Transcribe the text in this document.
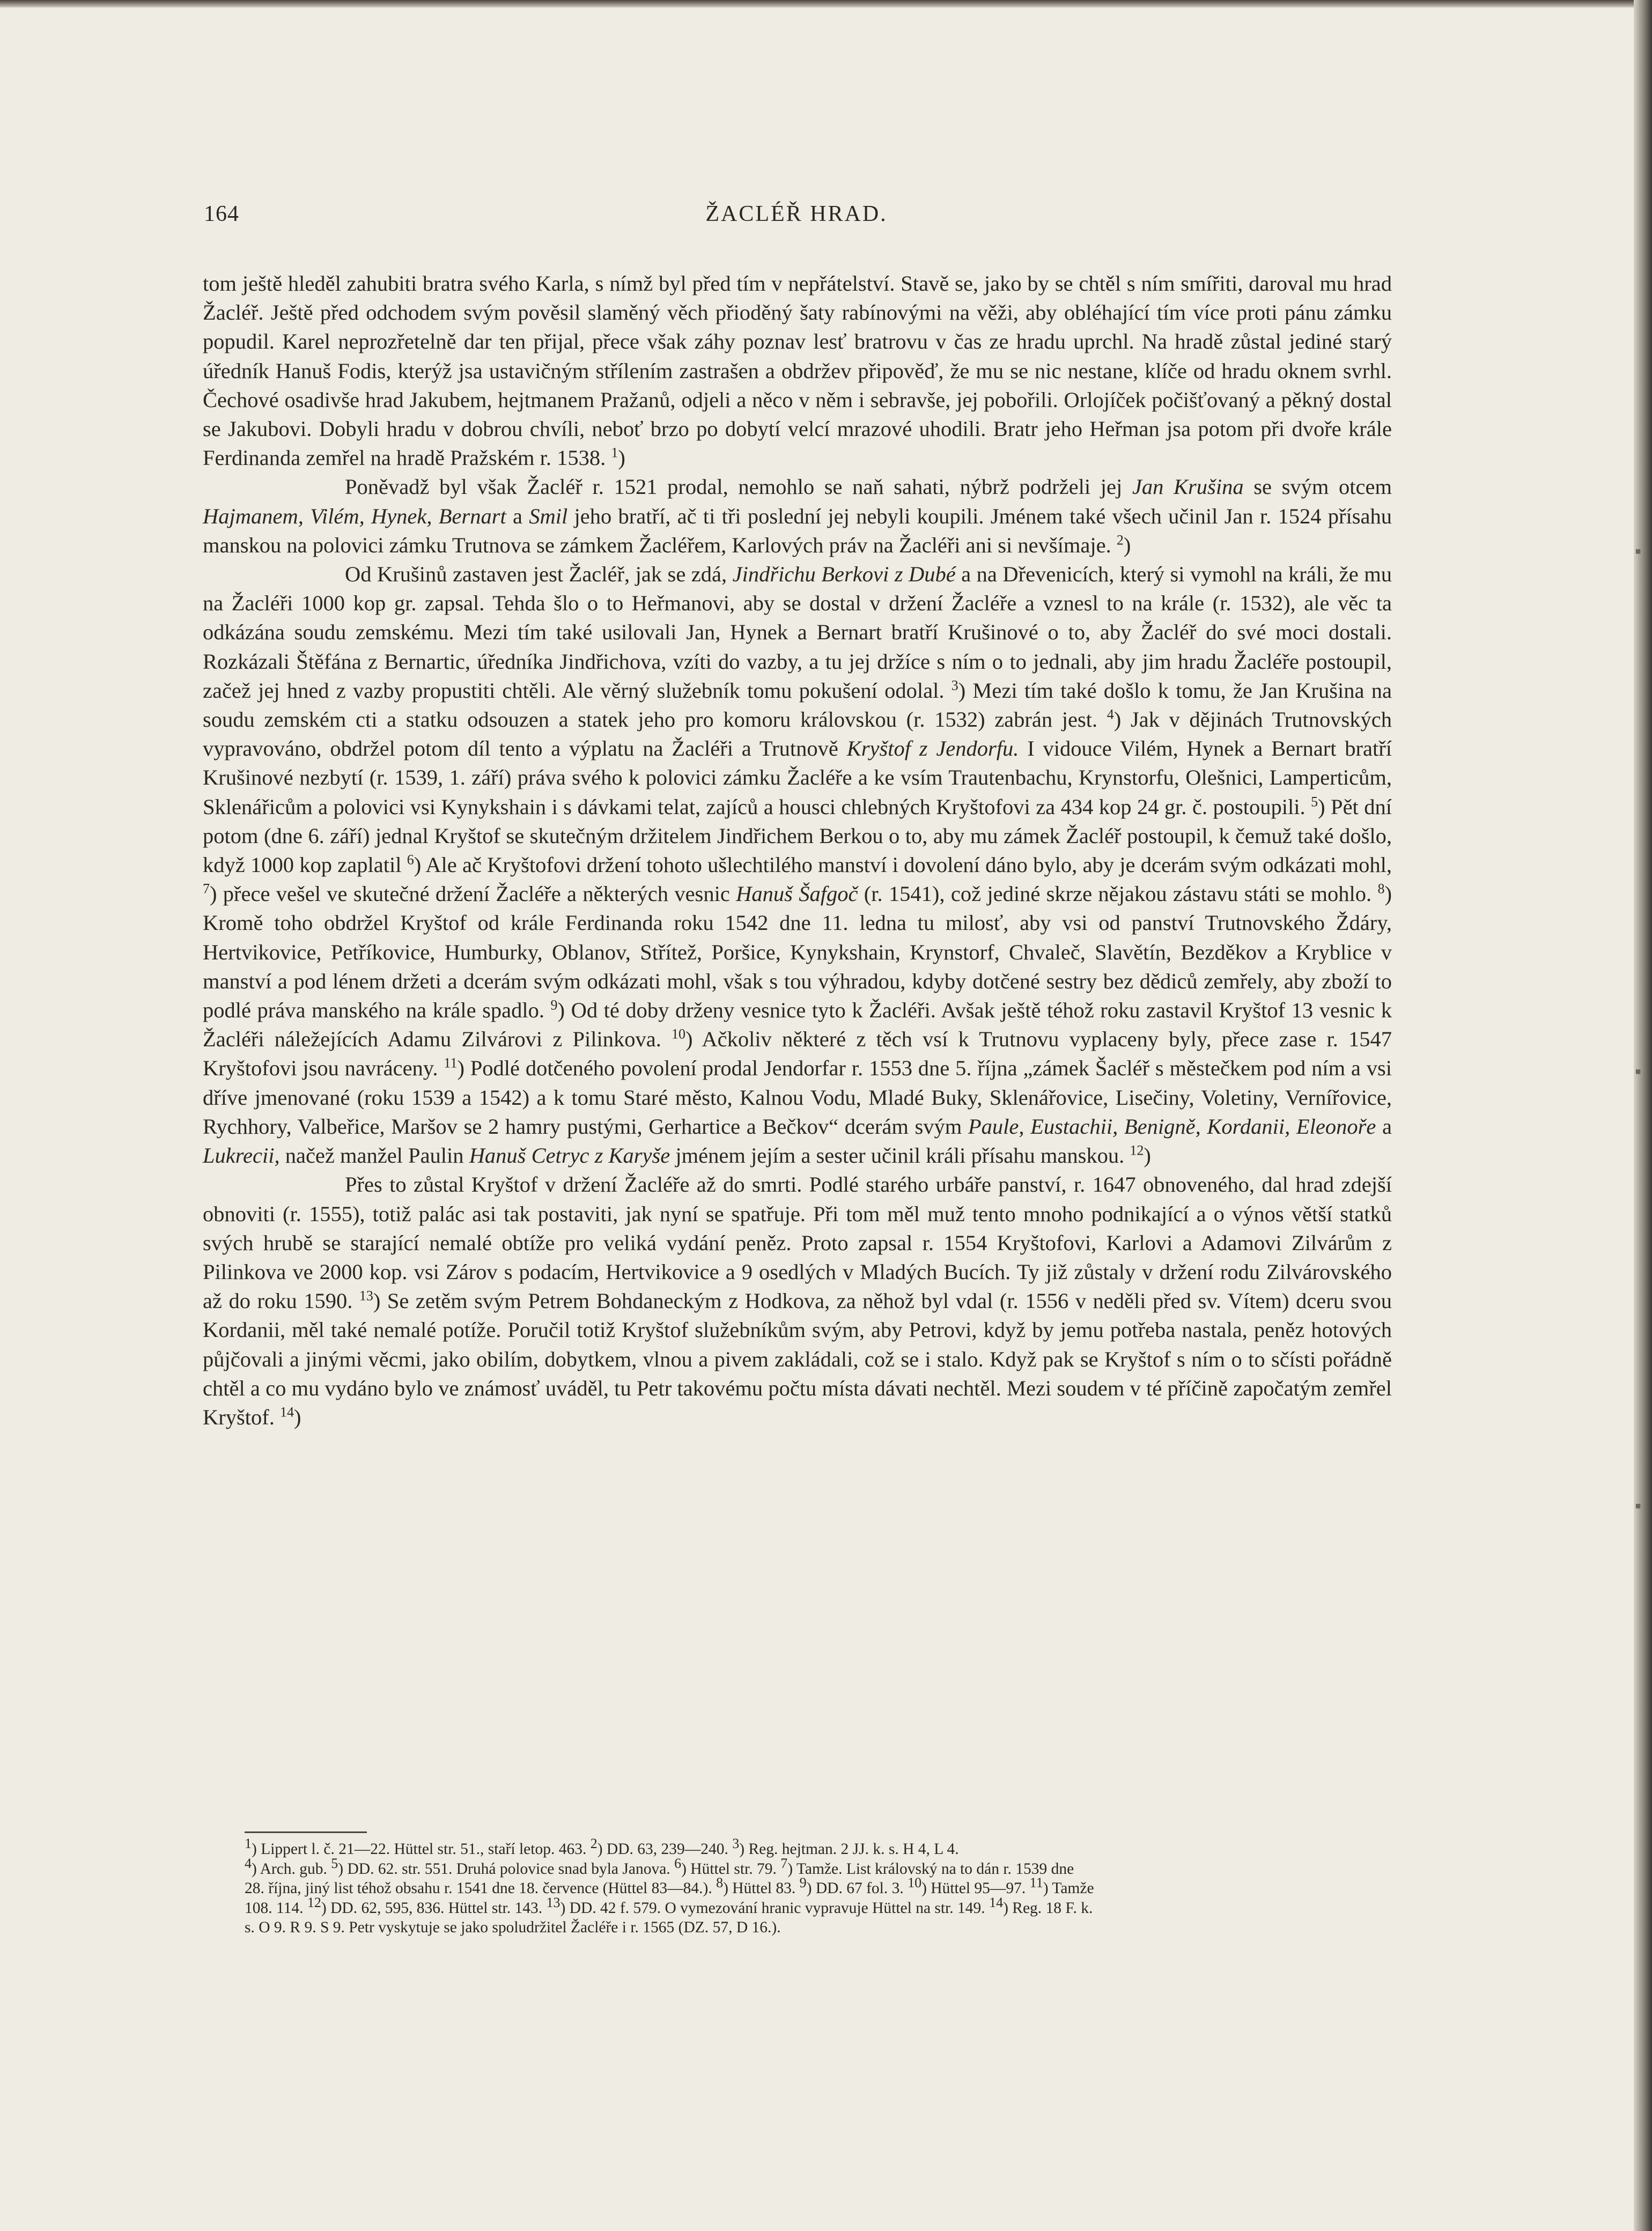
164	ŽACLÉŘ HRAD.

tom ještě hleděl zahubiti bratra svého Karla, s nímž byl před tím v nepřátelství. Stavě se, jako by se chtěl s ním smířiti, daroval mu hrad Žacléř. Ještě před odchodem svým pověsil slaměný věch přioděný šaty rabínovými na věži, aby obléhající tím více proti pánu zámku popudil. Karel neprozřetelně dar ten přijal, přece však záhy poznav lesť bratrovu v čas ze hradu uprchl. Na hradě zůstal jediné starý úředník Hanuš Fodis, kterýž jsa ustavičným střílením zastrašen a obdržev připověď, že mu se nic nestane, klíče od hradu oknem svrhl. Čechové osadivše hrad Jakubem, hejtmanem Pražanů, odjeli a něco v něm i sebravše, jej pobořili. Orlojíček počišťovaný a pěkný dostal se Jakubovi. Dobyli hradu v dobrou chvíli, neboť brzo po dobytí velcí mrazové uhodili. Bratr jeho Heřman jsa potom při dvoře krále Ferdinanda zemřel na hradě Pražském r. 1538. $^1$)

Poněvadž byl však Žacléř r. 1521 prodal, nemohlo se naň sahati, nýbrž podrželi jej Jan Krušina se svým otcem Hajmanem, Vilém, Hynek, Bernart a Smil jeho bratří, ač ti tři poslední jej nebyli koupili. Jménem také všech učinil Jan r. 1524 přísahu manskou na polovici zámku Trutnova se zámkem Žacléřem, Karlových práv na Žacléři ani si nevšímaje. $^2$)

Od Krušinů zastaven jest Žacléř, jak se zdá, Jindřichu Berkovi z Dubé a na Dřevenicích, který si vymohl na králi, že mu na Žacléři 1000 kop gr. zapsal. Tehda šlo o to Heřmanovi, aby se dostal v držení Žacléře a vznesl to na krále (r. 1532), ale věc ta odkázána soudu zemskému. Mezi tím také usilovali Jan, Hynek a Bernart bratří Krušinové o to, aby Žacléř do své moci dostali. Rozkázali Štěfána z Bernartic, úředníka Jindřichova, vzíti do vazby, a tu jej držíce s ním o to jednali, aby jim hradu Žacléře postoupil, začež jej hned z vazby propustiti chtěli. Ale věrný služebník tomu pokušení odolal. $^3$) Mezi tím také došlo k tomu, že Jan Krušina na soudu zemském cti a statku odsouzen a statek jeho pro komoru královskou (r. 1532) zabrán jest. $^4$) Jak v dějinách Trutnovských vypravováno, obdržel potom díl tento a výplatu na Žacléři a Trutnově Kryštof z Jendorfu. I vidouce Vilém, Hynek a Bernart bratří Krušinové nezbytí (r. 1539, 1. září) práva svého k polovici zámku Žacléře a ke vsím Trautenbachu, Krynstorfu, Olešnici, Lamperticům, Sklenářicům a polovici vsi Kynykshain i s dávkami telat, zajíců a housci chlebných Kryštofovi za 434 kop 24 gr. č. postoupili. $^5$) Pět dní potom (dne 6. září) jednal Kryštof se skutečným držitelem Jindřichem Berkou o to, aby mu zámek Žacléř postoupil, k čemuž také došlo, když 1000 kop zaplatil $^6$) Ale ač Kryštofovi držení tohoto ušlechtilého manství i dovolení dáno bylo, aby je dcerám svým odkázati mohl, $^7$) přece vešel ve skutečné držení Žacléře a některých vesnic Hanuš Šafgoč (r. 1541), což jediné skrze nějakou zástavu státi se mohlo. $^8$) Kromě toho obdržel Kryštof od krále Ferdinanda roku 1542 dne 11. ledna tu milosť, aby vsi od panství Trutnovského Ždáry, Hertvikovice, Petříkovice, Humburky, Oblanov, Střítež, Poršice, Kynykshain, Krynstorf, Chvaleč, Slavětín, Bezděkov a Kryblice v manství a pod lénem držeti a dcerám svým odkázati mohl, však s tou výhradou, kdyby dotčené sestry bez dědiců zemřely, aby zboží to podlé práva manského na krále spadlo. $^9$) Od té doby drženy vesnice tyto k Žacléři. Avšak ještě téhož roku zastavil Kryštof 13 vesnic k Žacléři náležejících Adamu Zilvárovi z Pilinkova. $^{10}$) Ačkoliv některé z těch vsí k Trutnovu vyplaceny byly, přece zase r. 1547 Kryštofovi jsou navráceny. $^{11}$) Podlé dotčeného povolení prodal Jendorfar r. 1553 dne 5. října „zámek Šacléř s městečkem pod ním a vsi dříve jmenované (roku 1539 a 1542) a k tomu Staré město, Kalnou Vodu, Mladé Buky, Sklenářovice, Lisečiny, Voletiny, Vernířovice, Rychhory, Valbeřice, Maršov se 2 hamry pustými, Gerhartice a Bečkov“ dcerám svým Paule, Eustachii, Benigně, Kordanii, Eleonoře a Lukrecii, načež manžel Paulin Hanuš Cetryc z Karyše jménem jejím a sester učinil králi přísahu manskou. $^{12}$)

Přes to zůstal Kryštof v držení Žacléře až do smrti. Podlé starého urbáře panství, r. 1647 obnoveného, dal hrad zdejší obnoviti (r. 1555), totiž palác asi tak postaviti, jak nyní se spatřuje. Při tom měl muž tento mnoho podnikající a o výnos větší statků svých hrubě se starající nemalé obtíže pro veliká vydání peněz. Proto zapsal r. 1554 Kryštofovi, Karlovi a Adamovi Zilvárům z Pilinkova ve 2000 kop. vsi Zárov s podacím, Hertvikovice a 9 osedlých v Mladých Bucích. Ty již zůstaly v držení rodu Zilvárovského až do roku 1590. $^{13}$) Se zetěm svým Petrem Bohdaneckým z Hodkova, za něhož byl vdal (r. 1556 v neděli před sv. Vítem) dceru svou Kordanii, měl také nemalé potíže. Poručil totiž Kryštof služebníkům svým, aby Petrovi, když by jemu potřeba nastala, peněz hotových půjčovali a jinými věcmi, jako obilím, dobytkem, vlnou a pivem zakládali, což se i stalo. Když pak se Kryštof s ním o to sčísti pořádně chtěl a co mu vydáno bylo ve známosť uváděl, tu Petr takovému počtu místa dávati nechtěl. Mezi soudem v té příčině započatým zemřel Kryštof. $^{14}$)

$^1$) Lippert l. č. 21—22. Hüttel str. 51., staří letop. 463. $^2$) DD. 63, 239—240. $^3$) Reg. hejtman. 2 JJ. k. s. H 4, L 4.

$^4$) Arch. gub. $^5$) DD. 62. str. 551. Druhá polovice snad byla Janova. $^6$) Hüttel str. 79. $^7$) Tamže. List královský na to dán r. 1539 dne

28. října, jiný list téhož obsahu r. 1541 dne 18. července (Hüttel 83—84.). $^8$) Hüttel 83. $^9$) DD. 67 fol. 3. $^{10}$) Hüttel 95—97. $^{11}$) Tamže

108. 114. $^{12}$) DD. 62, 595, 836. Hüttel str. 143. $^{13}$) DD. 42 f. 579. O vymezování hranic vypravuje Hüttel na str. 149. $^{14}$) Reg. 18 F. k.

s. O 9. R 9. S 9. Petr vyskytuje se jako spoludržitel Žacléře i r. 1565 (DZ. 57, D 16.).

▪
▪
▪
